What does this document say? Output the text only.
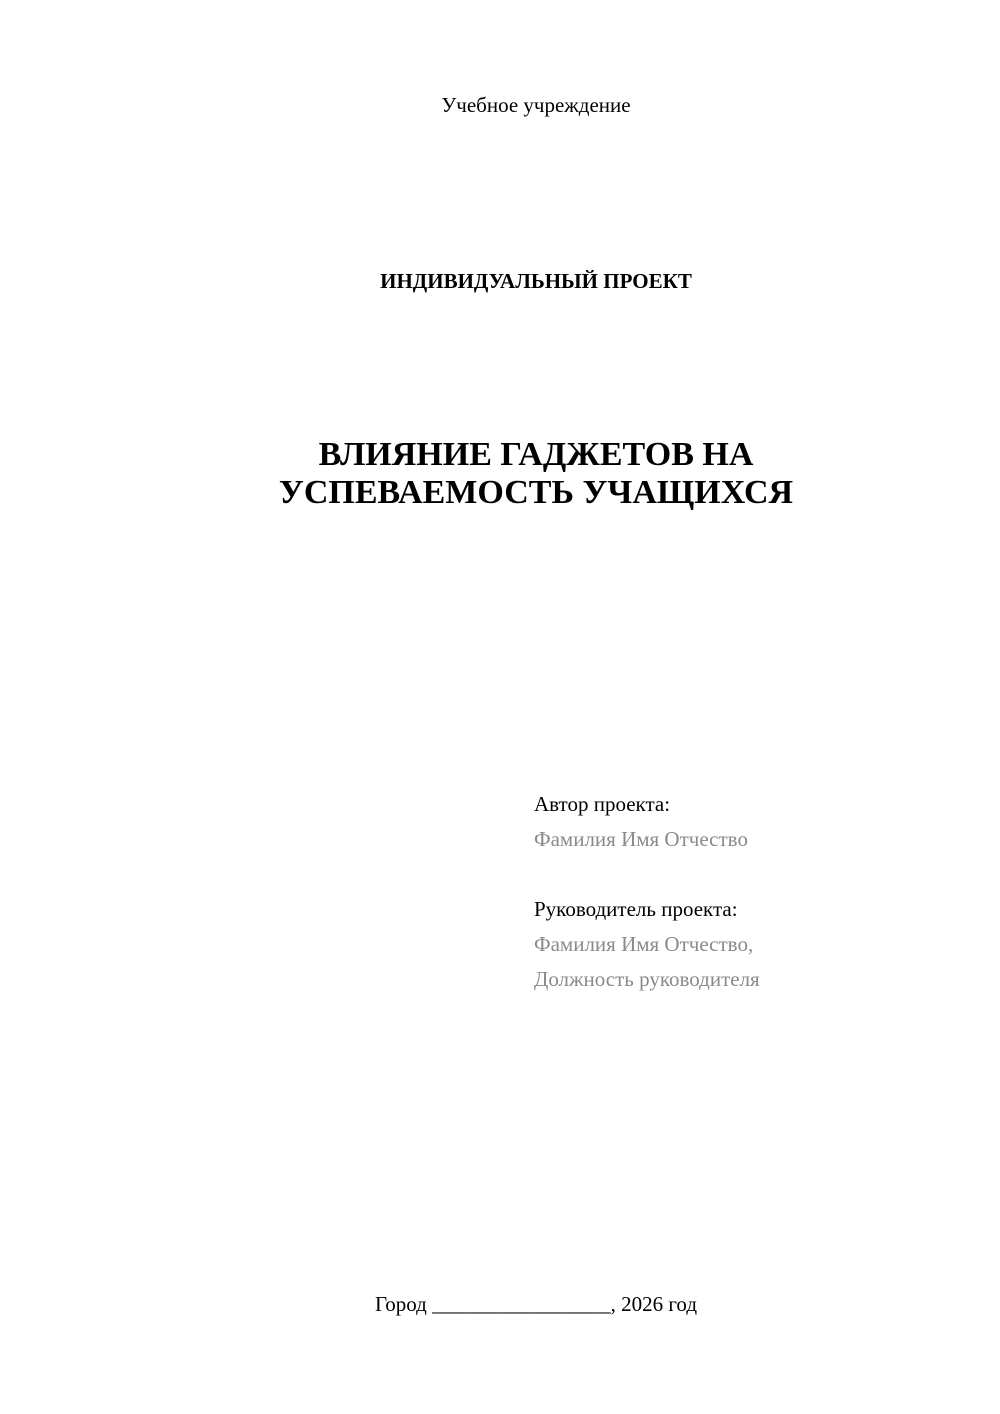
Учебное учреждение
ИНДИВИДУАЛЬНЫЙ ПРОЕКТ
ВЛИЯНИЕ ГАДЖЕТОВ НА
УСПЕВАЕМОСТЬ УЧАЩИХСЯ
Автор проекта:
Фамилия Имя Отчество
Руководитель проекта:
Фамилия Имя Отчество,
Должность руководителя
Город _________________, 2026 год
